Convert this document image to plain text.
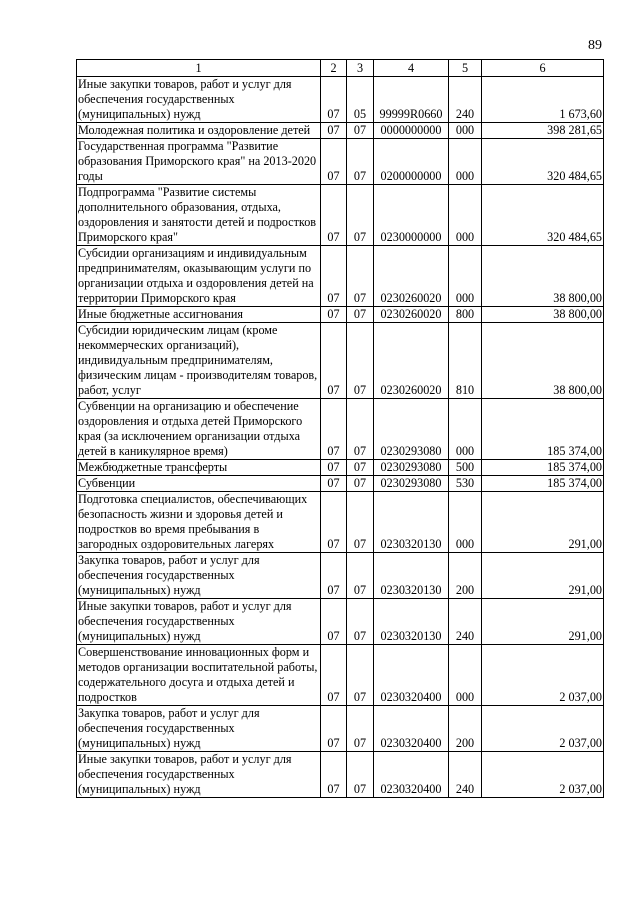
89
1	2	3	4	5	6
Иные закупки товаров, работ и услуг для обеспечения государственных (муниципальных) нужд	07	05	99999R0660	240	1 673,60
Молодежная политика и оздоровление детей	07	07	0000000000	000	398 281,65
Государственная программа "Развитие образования Приморского края" на 2013-2020 годы	07	07	0200000000	000	320 484,65
Подпрограмма "Развитие системы дополнительного образования, отдыха, оздоровления и занятости детей и подростков Приморского края"	07	07	0230000000	000	320 484,65
Субсидии организациям и индивидуальным предпринимателям, оказывающим услуги по организации отдыха и оздоровления детей на территории Приморского края	07	07	0230260020	000	38 800,00
Иные бюджетные ассигнования	07	07	0230260020	800	38 800,00
Субсидии юридическим лицам (кроме некоммерческих организаций), индивидуальным предпринимателям, физическим лицам - производителям товаров, работ, услуг	07	07	0230260020	810	38 800,00
Субвенции на организацию и обеспечение оздоровления и отдыха детей Приморского края (за исключением организации отдыха детей в каникулярное время)	07	07	0230293080	000	185 374,00
Межбюджетные трансферты	07	07	0230293080	500	185 374,00
Субвенции	07	07	0230293080	530	185 374,00
Подготовка специалистов, обеспечивающих безопасность жизни и здоровья детей и подростков во время пребывания в загородных оздоровительных лагерях	07	07	0230320130	000	291,00
Закупка товаров, работ и услуг для обеспечения государственных (муниципальных) нужд	07	07	0230320130	200	291,00
Иные закупки товаров, работ и услуг для обеспечения государственных (муниципальных) нужд	07	07	0230320130	240	291,00
Совершенствование инновационных форм и методов организации воспитательной работы, содержательного досуга и отдыха детей и подростков	07	07	0230320400	000	2 037,00
Закупка товаров, работ и услуг для обеспечения государственных (муниципальных) нужд	07	07	0230320400	200	2 037,00
Иные закупки товаров, работ и услуг для обеспечения государственных (муниципальных) нужд	07	07	0230320400	240	2 037,00
